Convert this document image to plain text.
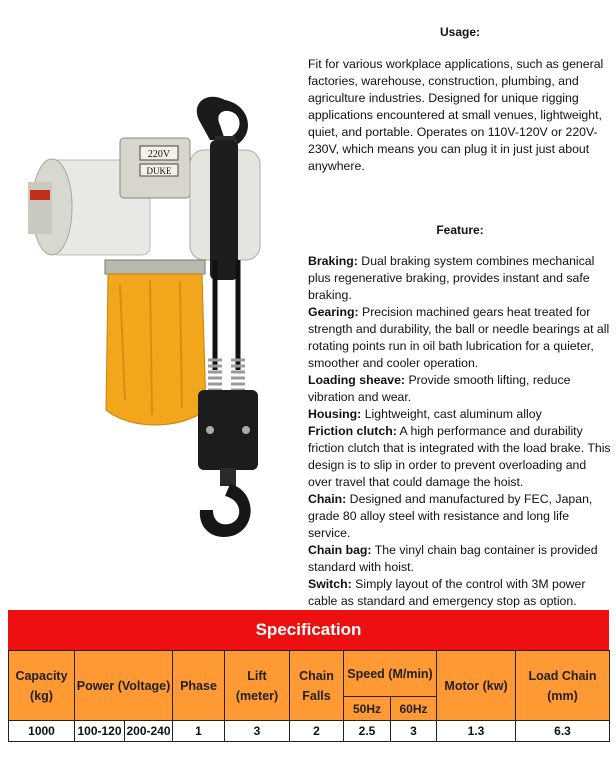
220V
DUKE
Usage:
Fit for various workplace applications, such as general factories, warehouse, construction, plumbing, and agriculture industries. Designed for unique rigging applications encountered at small venues, lightweight, quiet, and portable. Operates on 110V-120V or 220V-230V, which means you can plug it in just just about anywhere.
Feature:
Braking: Dual braking system combines mechanical plus regenerative braking, provides instant and safe braking.
Gearing: Precision machined gears heat treated for strength and durability, the ball or needle bearings at all rotating points run in oil bath lubrication for a quieter, smoother and cooler operation.
Loading sheave: Provide smooth lifting, reduce vibration and wear.
Housing: Lightweight, cast aluminum alloy
Friction clutch: A high performance and durability friction clutch that is integrated with the load brake. This design is to slip in order to prevent overloading and over travel that could damage the hoist.
Chain: Designed and manufactured by FEC, Japan, grade 80 alloy steel with resistance and long life service.
Chain bag: The vinyl chain bag container is provided standard with hoist.
Switch: Simply layout of the control with 3M power cable as standard and emergency stop as option.
Specification
Capacity (kg)	Power (Voltage)		Phase	Lift (meter)	Chain Falls	Speed (M/min)		Motor (kw)	Load Chain (mm)
						50Hz	60Hz		
1000	100-120	200-240	1	3	2	2.5	3	1.3	6.3
